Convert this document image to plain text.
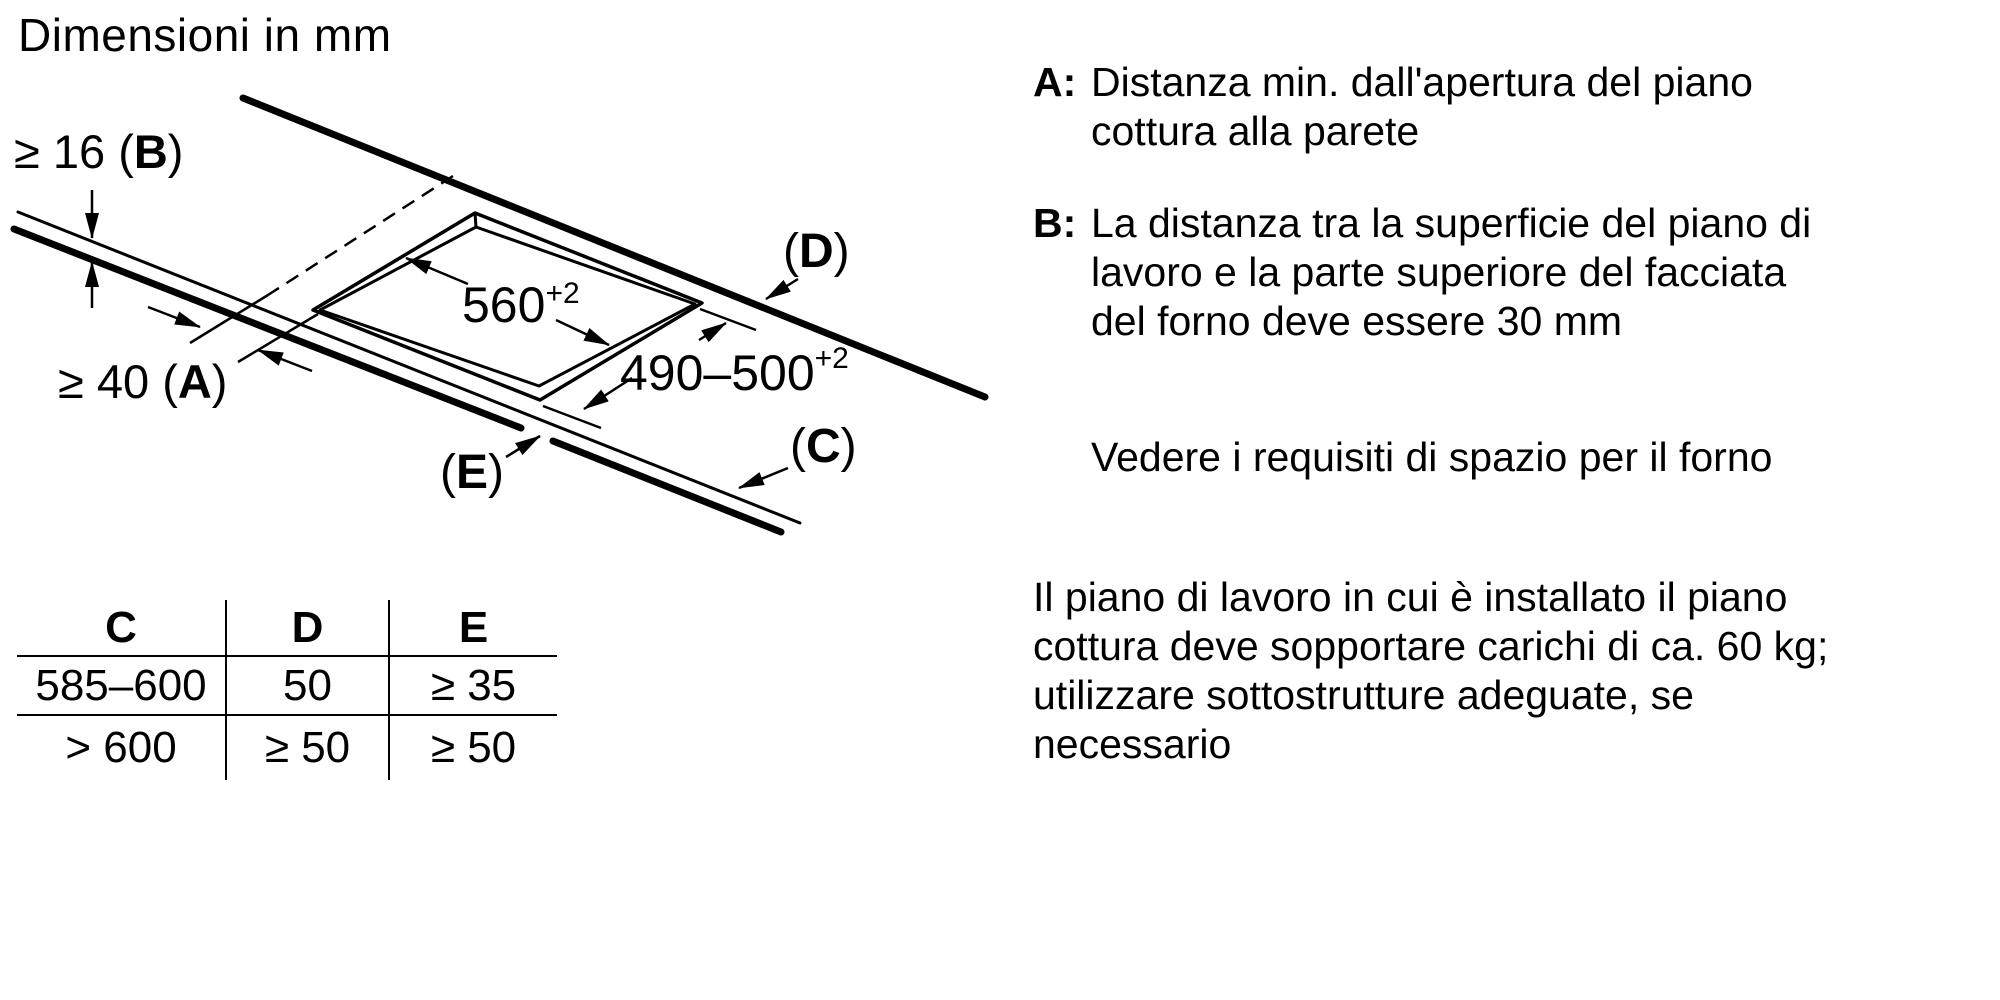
Dimensioni in mm
$560^{+2}$
$490-500^{+2}$
≥ 16 (B)
≥ 40 (A)
(D)
(C)
(E)
C	D	E
585–600	50	≥ 35
> 600	≥ 50	≥ 50
A: Distanza min. dall'apertura del piano
cottura alla parete
B: La distanza tra la superficie del piano di
lavoro e la parte superiore del facciata
del forno deve essere 30 mm
Vedere i requisiti di spazio per il forno
Il piano di lavoro in cui è installato il piano
cottura deve sopportare carichi di ca. 60 kg;
utilizzare sottostrutture adeguate, se
necessario
